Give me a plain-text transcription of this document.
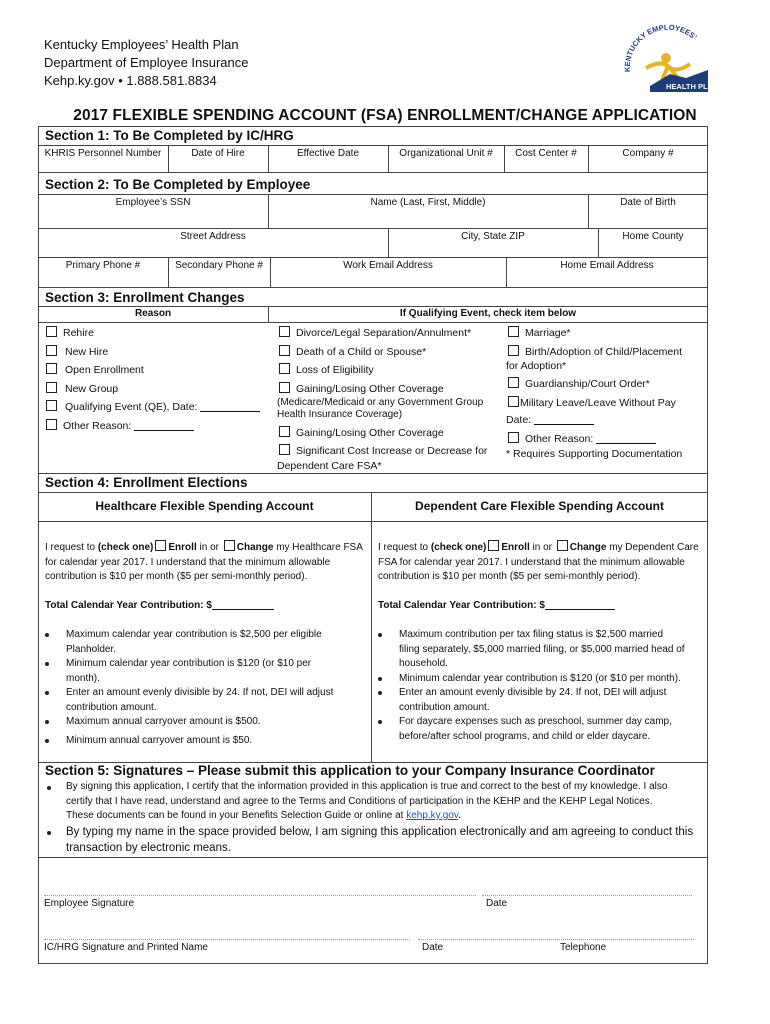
Kentucky Employees’ Health Plan
Department of Employee Insurance
Kehp.ky.gov • 1.888.581.8834
KENTUCKY EMPLOYEES’
HEALTH PLAN
2017 FLEXIBLE SPENDING ACCOUNT (FSA) ENROLLMENT/CHANGE APPLICATION
Section 1: To Be Completed by IC/HRG
KHRIS Personnel Number	Date of Hire	Effective Date	Organizational Unit #	Cost Center #	Company #
Section 2: To Be Completed by Employee
Employee’s SSN	Name (Last, First, Middle)	Date of Birth
Street Address	City, State ZIP	Home County
Primary Phone #	Secondary Phone #	Work Email Address	Home Email Address
Section 3: Enrollment Changes
Reason	If Qualifying Event, check item below
Rehire
New Hire
Open Enrollment
New Group
Qualifying Event (QE), Date:
Other Reason:
Divorce/Legal Separation/Annulment*
Death of a Child or Spouse*
Loss of Eligibility
Gaining/Losing Other Coverage
(Medicare/Medicaid or any Government Group
Health Insurance Coverage)
Gaining/Losing Other Coverage
Significant Cost Increase or Decrease for
Dependent Care FSA*
Marriage*
Birth/Adoption of Child/Placement
for Adoption*
Guardianship/Court Order*
Military Leave/Leave Without Pay
Date:
Other Reason:
* Requires Supporting Documentation
Section 4: Enrollment Elections
Healthcare Flexible Spending Account	Dependent Care Flexible Spending Account
I request to (check one) Enroll in or Change my Healthcare FSA
for calendar year 2017. I understand that the minimum allowable
contribution is $10 per month ($5 per semi-monthly period).
Total Calendar Year Contribution: $
Maximum calendar year contribution is $2,500 per eligible
Planholder.
Minimum calendar year contribution is $120 (or $10 per
month).
Enter an amount evenly divisible by 24. If not, DEI will adjust
contribution amount.
Maximum annual carryover amount is $500.
Minimum annual carryover amount is $50.
I request to (check one) Enroll in or Change my Dependent Care
FSA for calendar year 2017. I understand that the minimum allowable
contribution is $10 per month ($5 per semi-monthly period).
Total Calendar Year Contribution: $
Maximum contribution per tax filing status is $2,500 married
filing separately, $5,000 married filing, or $5,000 married head of
household.
Minimum calendar year contribution is $120 (or $10 per month).
Enter an amount evenly divisible by 24. If not, DEI will adjust
contribution amount.
For daycare expenses such as preschool, summer day camp,
before/after school programs, and child or elder daycare.
Section 5: Signatures – Please submit this application to your Company Insurance Coordinator
By signing this application, I certify that the information provided in this application is true and correct to the best of my knowledge. I also
certify that I have read, understand and agree to the Terms and Conditions of participation in the KEHP and the KEHP Legal Notices.
These documents can be found in your Benefits Selection Guide or online at kehp.ky.gov.
By typing my name in the space provided below, I am signing this application electronically and am agreeing to conduct this
transaction by electronic means.
Employee Signature	Date
IC/HRG Signature and Printed Name	Date	Telephone
